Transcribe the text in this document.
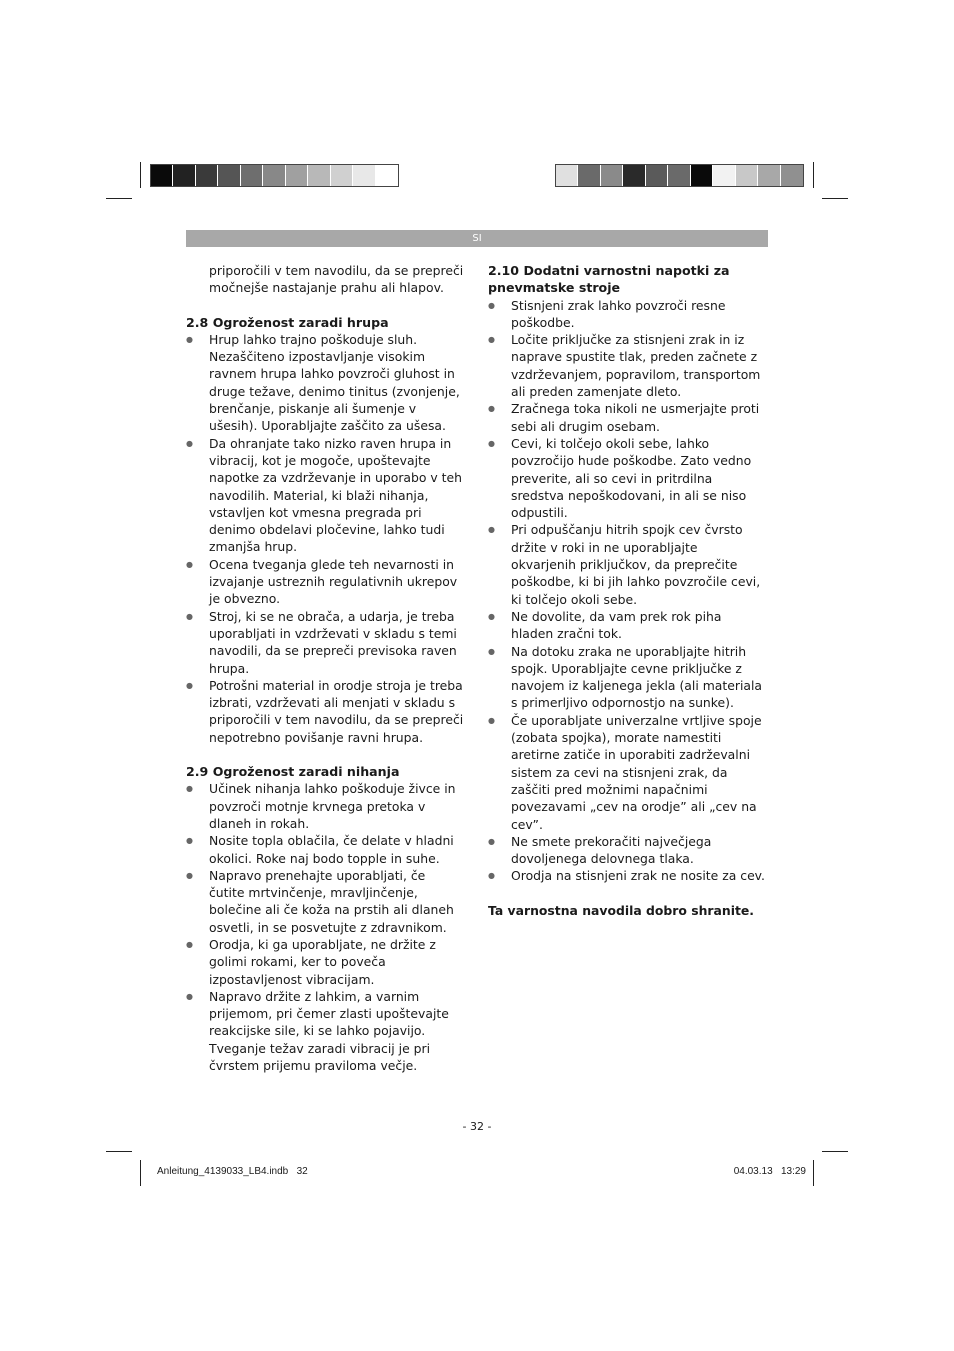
SI

priporočili v tem navodilu, da se prepreči močnejše nastajanje prahu ali hlapov.

2.8 Ogroženost zaradi hrupa
● Hrup lahko trajno poškoduje sluh. Nezaščiteno izpostavljanje visokim ravnem hrupa lahko povzroči gluhost in druge težave, denimo tinitus (zvonjenje, brenčanje, piskanje ali šumenje v ušesih). Uporabljajte zaščito za ušesa.
● Da ohranjate tako nizko raven hrupa in vibracij, kot je mogoče, upoštevajte napotke za vzdrževanje in uporabo v teh navodilih. Material, ki blaži nihanja, vstavljen kot vmesna pregrada pri denimo obdelavi pločevine, lahko tudi zmanjša hrup.
● Ocena tveganja glede teh nevarnosti in izvajanje ustreznih regulativnih ukrepov je obvezno.
● Stroj, ki se ne obrača, a udarja, je treba uporabljati in vzdrževati v skladu s temi navodili, da se prepreči previsoka raven hrupa.
● Potrošni material in orodje stroja je treba izbrati, vzdrževati ali menjati v skladu s priporočili v tem navodilu, da se prepreči nepotrebno povišanje ravni hrupa.
2.9 Ogroženost zaradi nihanja
● Učinek nihanja lahko poškoduje živce in povzroči motnje krvnega pretoka v dlaneh in rokah.
● Nosite topla oblačila, če delate v hladni okolici. Roke naj bodo topple in suhe.
● Napravo prenehajte uporabljati, če čutite mrtvinčenje, mravljinčenje, bolečine ali če koža na prstih ali dlaneh osvetli, in se posvetujte z zdravnikom.
● Orodja, ki ga uporabljate, ne držite z golimi rokami, ker to poveča izpostavljenost vibracijam.
● Napravo držite z lahkim, a varnim prijemom, pri čemer zlasti upoštevajte reakcijske sile, ki se lahko pojavijo. Tveganje težav zaradi vibracij je pri čvrstem prijemu praviloma večje.
2.10 Dodatni varnostni napotki za pnevmatske stroje
● Stisnjeni zrak lahko povzroči resne poškodbe.
● Ločite priključke za stisnjeni zrak in iz naprave spustite tlak, preden začnete z vzdrževanjem, popravilom, transportom ali preden zamenjate dleto.
● Zračnega toka nikoli ne usmerjajte proti sebi ali drugim osebam.
● Cevi, ki tolčejo okoli sebe, lahko povzročijo hude poškodbe. Zato vedno preverite, ali so cevi in pritrdilna sredstva nepoškodovani, in ali se niso odpustili.
● Pri odpuščanju hitrih spojk cev čvrsto držite v roki in ne uporabljajte okvarjenih priključkov, da preprečite poškodbe, ki bi jih lahko povzročile cevi, ki tolčejo okoli sebe.
● Ne dovolite, da vam prek rok piha hladen zračni tok.
● Na dotoku zraka ne uporabljajte hitrih spojk. Uporabljajte cevne priključke z navojem iz kaljenega jekla (ali materiala s primerljivo odpornostjo na sunke).
● Če uporabljate univerzalne vrtljive spoje (zobata spojka), morate namestiti aretirne zatiče in uporabiti zadrževalni sistem za cevi na stisnjeni zrak, da zaščiti pred možnimi napačnimi povezavami „cev na orodje” ali „cev na cev”.
● Ne smete prekoračiti največjega dovoljenega delovnega tlaka.
● Orodja na stisnjeni zrak ne nosite za cev.

Ta varnostna navodila dobro shranite.

- 32 -
Anleitung_4139033_LB4.indb   32	04.03.13   13:29
